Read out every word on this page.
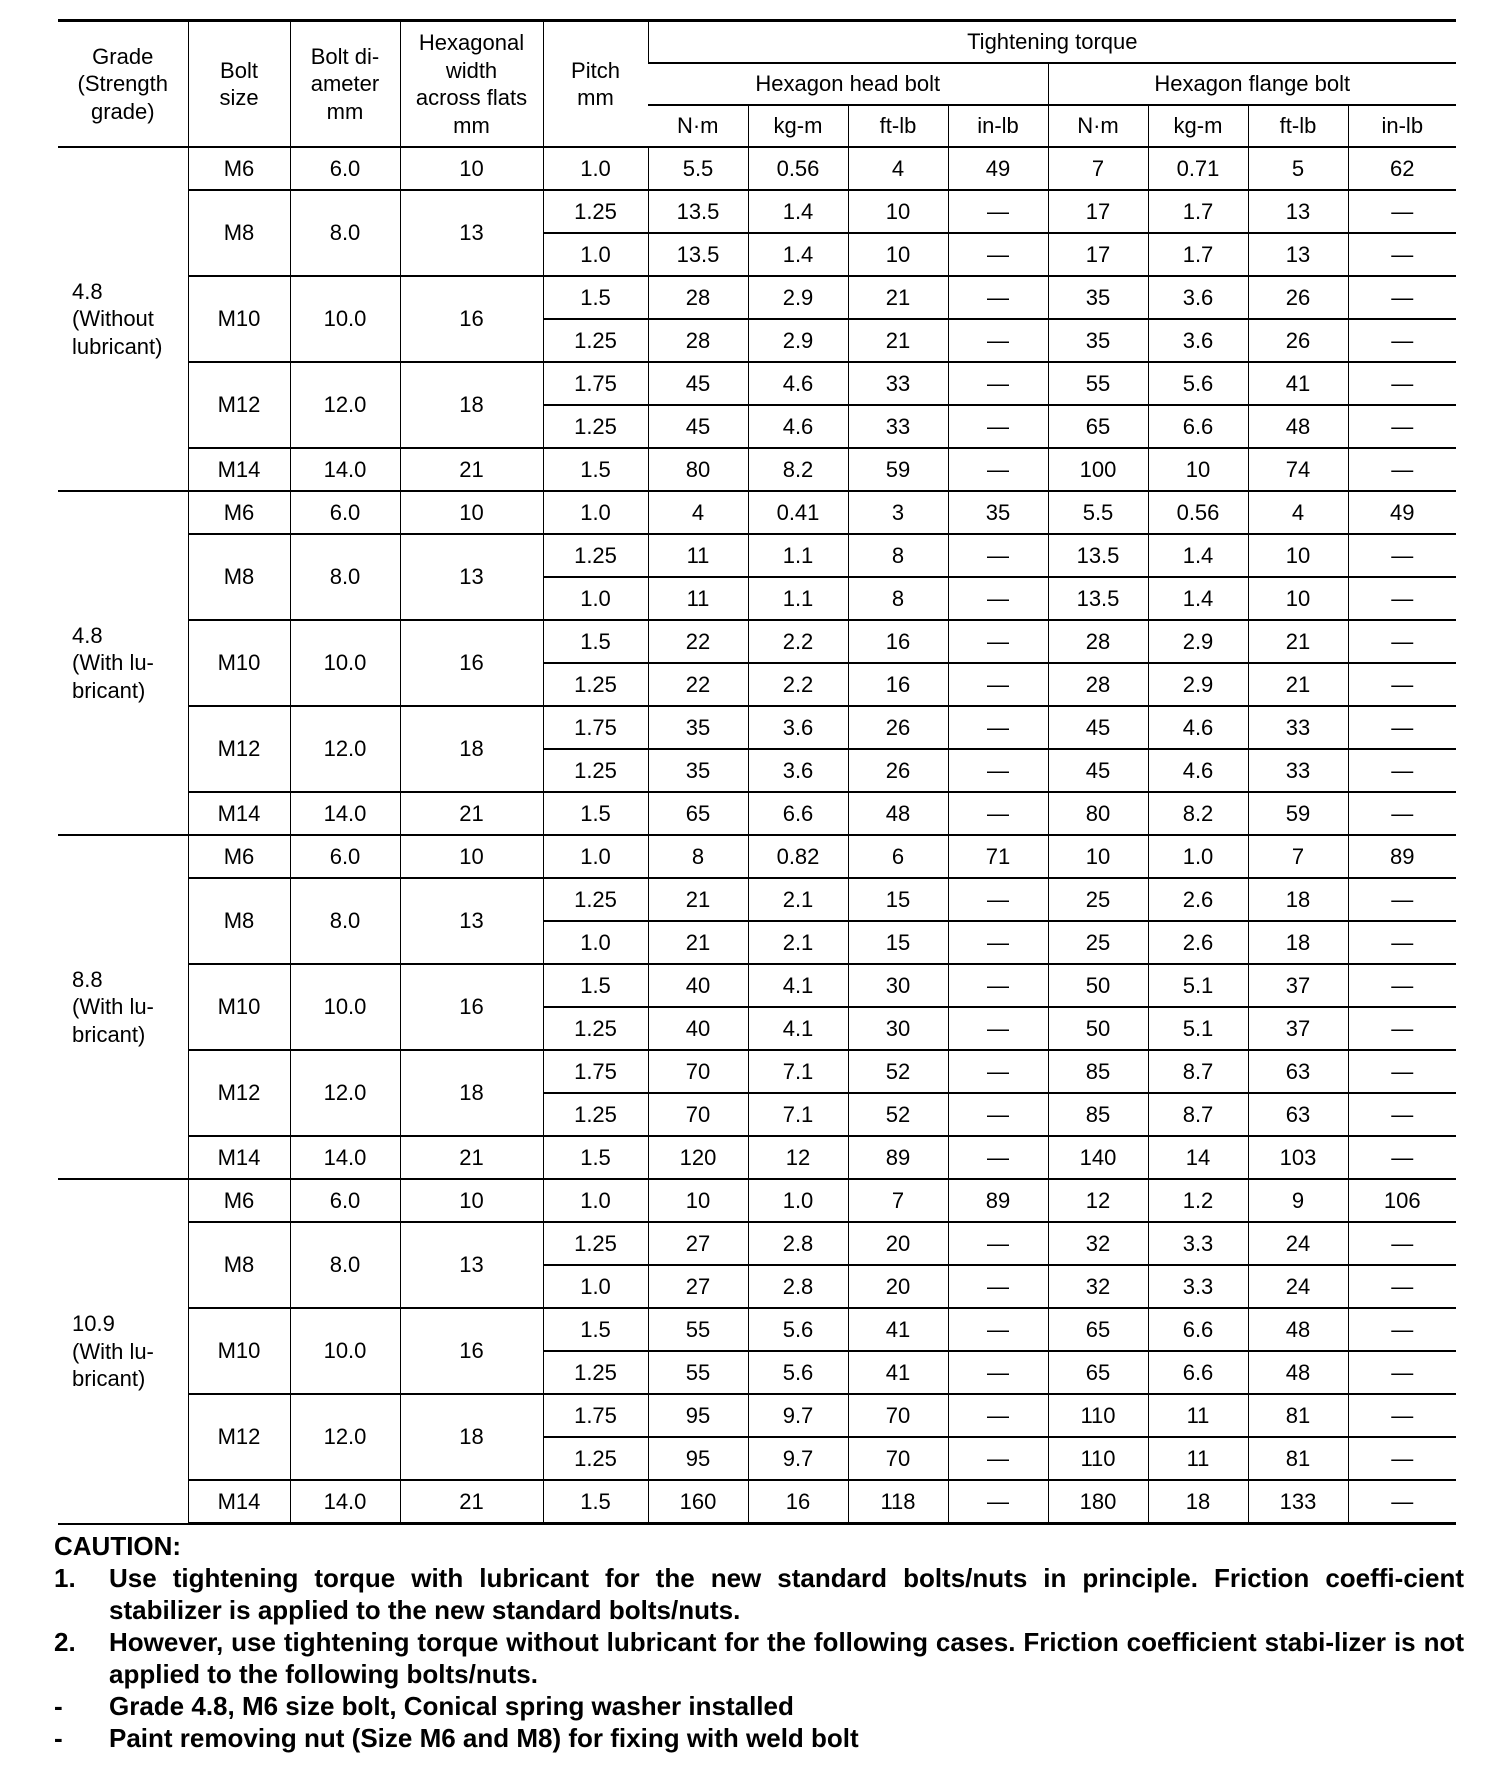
Grade
(Strength
grade)	Bolt
size	Bolt di-
ameter
mm	Hexagonal
width
across flats
mm	Pitch
mm	Tightening torque							
					Hexagon head bolt				Hexagon flange bolt			
					N·m	kg-m	ft-lb	in-lb	N·m	kg-m	ft-lb	in-lb
4.8
(Without
lubricant)	M6	6.0	10	1.0	5.5	0.56	4	49	7	0.71	5	62
	M8	8.0	13	1.25	13.5	1.4	10	—	17	1.7	13	—
				1.0	13.5	1.4	10	—	17	1.7	13	—
	M10	10.0	16	1.5	28	2.9	21	—	35	3.6	26	—
				1.25	28	2.9	21	—	35	3.6	26	—
	M12	12.0	18	1.75	45	4.6	33	—	55	5.6	41	—
				1.25	45	4.6	33	—	65	6.6	48	—
	M14	14.0	21	1.5	80	8.2	59	—	100	10	74	—
4.8
(With lu-
bricant)	M6	6.0	10	1.0	4	0.41	3	35	5.5	0.56	4	49
	M8	8.0	13	1.25	11	1.1	8	—	13.5	1.4	10	—
				1.0	11	1.1	8	—	13.5	1.4	10	—
	M10	10.0	16	1.5	22	2.2	16	—	28	2.9	21	—
				1.25	22	2.2	16	—	28	2.9	21	—
	M12	12.0	18	1.75	35	3.6	26	—	45	4.6	33	—
				1.25	35	3.6	26	—	45	4.6	33	—
	M14	14.0	21	1.5	65	6.6	48	—	80	8.2	59	—
8.8
(With lu-
bricant)	M6	6.0	10	1.0	8	0.82	6	71	10	1.0	7	89
	M8	8.0	13	1.25	21	2.1	15	—	25	2.6	18	—
				1.0	21	2.1	15	—	25	2.6	18	—
	M10	10.0	16	1.5	40	4.1	30	—	50	5.1	37	—
				1.25	40	4.1	30	—	50	5.1	37	—
	M12	12.0	18	1.75	70	7.1	52	—	85	8.7	63	—
				1.25	70	7.1	52	—	85	8.7	63	—
	M14	14.0	21	1.5	120	12	89	—	140	14	103	—
10.9
(With lu-
bricant)	M6	6.0	10	1.0	10	1.0	7	89	12	1.2	9	106
	M8	8.0	13	1.25	27	2.8	20	—	32	3.3	24	—
				1.0	27	2.8	20	—	32	3.3	24	—
	M10	10.0	16	1.5	55	5.6	41	—	65	6.6	48	—
				1.25	55	5.6	41	—	65	6.6	48	—
	M12	12.0	18	1.75	95	9.7	70	—	110	11	81	—
				1.25	95	9.7	70	—	110	11	81	—
	M14	14.0	21	1.5	160	16	118	—	180	18	133	—

CAUTION:

1. Use tightening torque with lubricant for the new standard bolts/nuts in principle. Friction coeffi-cient stabilizer is applied to the new standard bolts/nuts.
2. However, use tightening torque without lubricant for the following cases. Friction coefficient stabi-lizer is not applied to the following bolts/nuts.
- Grade 4.8, M6 size bolt, Conical spring washer installed
- Paint removing nut (Size M6 and M8) for fixing with weld bolt
